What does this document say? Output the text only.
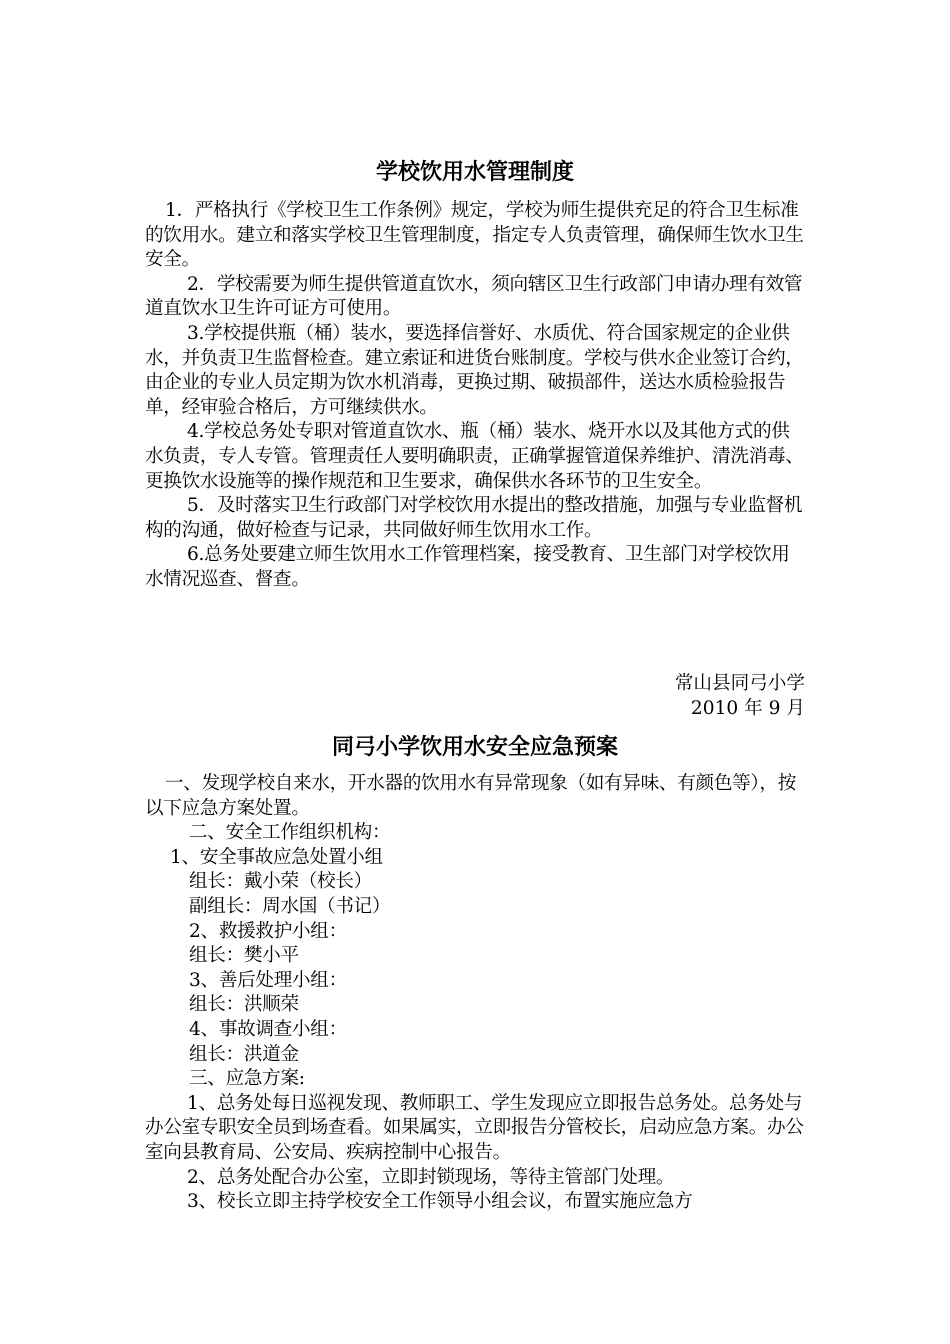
学校饮用水管理制度

1．严格执行《学校卫生工作条例》规定，学校为师生提供充足的符合卫生标准的饮用水。建立和落实学校卫生管理制度，指定专人负责管理，确保师生饮水卫生安全。

2．学校需要为师生提供管道直饮水，须向辖区卫生行政部门申请办理有效管道直饮水卫生许可证方可使用。

3.学校提供瓶（桶）装水，要选择信誉好、水质优、符合国家规定的企业供水，并负责卫生监督检查。建立索证和进货台账制度。学校与供水企业签订合约，由企业的专业人员定期为饮水机消毒，更换过期、破损部件，送达水质检验报告单，经审验合格后，方可继续供水。

4.学校总务处专职对管道直饮水、瓶（桶）装水、烧开水以及其他方式的供水负责，专人专管。管理责任人要明确职责，正确掌握管道保养维护、清洗消毒、更换饮水设施等的操作规范和卫生要求，确保供水各环节的卫生安全。

5．及时落实卫生行政部门对学校饮用水提出的整改措施，加强与专业监督机构的沟通，做好检查与记录，共同做好师生饮用水工作。

6.总务处要建立师生饮用水工作管理档案，接受教育、卫生部门对学校饮用水情况巡查、督查。

常山县同弓小学
2010 年 9 月
同弓小学饮用水安全应急预案

一、发现学校自来水，开水器的饮用水有异常现象（如有异味、有颜色等），按以下应急方案处置。

二、安全工作组织机构：

1、安全事故应急处置小组

组长：戴小荣（校长）

副组长：周水国（书记）

2、救援救护小组：

组长：樊小平

3、善后处理小组：

组长：洪顺荣

4、事故调查小组：

组长：洪道金

三、应急方案:

1、总务处每日巡视发现、教师职工、学生发现应立即报告总务处。总务处与办公室专职安全员到场查看。如果属实，立即报告分管校长，启动应急方案。办公室向县教育局、公安局、疾病控制中心报告。

2、总务处配合办公室，立即封锁现场，等待主管部门处理。

3、校长立即主持学校安全工作领导小组会议，布置实施应急方
